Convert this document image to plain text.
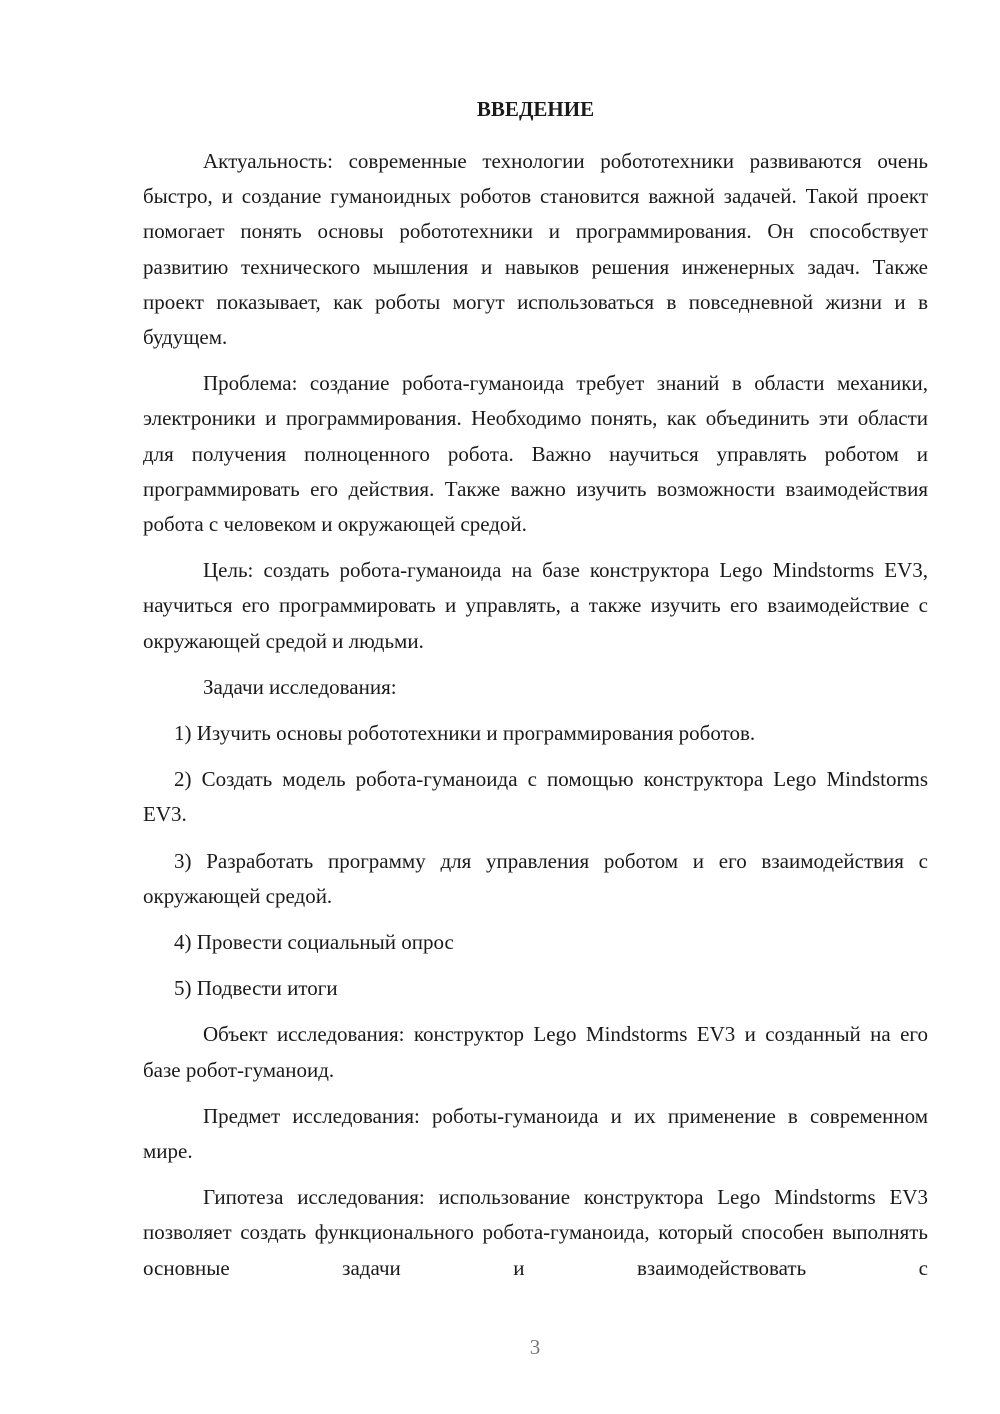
ВВЕДЕНИЕ

Актуальность: современные технологии робототехники развиваются очень быстро, и создание гуманоидных роботов становится важной задачей. Такой проект помогает понять основы робототехники и программирования. Он способствует развитию технического мышления и навыков решения инженерных задач. Также проект показывает, как роботы могут использоваться в повседневной жизни и в будущем.

Проблема: создание робота-гуманоида требует знаний в области механики, электроники и программирования. Необходимо понять, как объединить эти области для получения полноценного робота. Важно научиться управлять роботом и программировать его действия. Также важно изучить возможности взаимодействия робота с человеком и окружающей средой.

Цель: создать робота-гуманоида на базе конструктора Lego Mindstorms EV3, научиться его программировать и управлять, а также изучить его взаимодействие с окружающей средой и людьми.

Задачи исследования:

1) Изучить основы робототехники и программирования роботов.

2) Создать модель робота-гуманоида с помощью конструктора Lego Mindstorms EV3.

3) Разработать программу для управления роботом и его взаимодействия с окружающей средой.

4) Провести социальный опрос

5) Подвести итоги

Объект исследования: конструктор Lego Mindstorms EV3 и созданный на его базе робот-гуманоид.

Предмет исследования: роботы-гуманоида и их применение в современном мире.

Гипотеза исследования: использование конструктора Lego Mindstorms EV3 позволяет создать функционального робота-гуманоида, который способен выполнять основные задачи и взаимодействовать с

3
